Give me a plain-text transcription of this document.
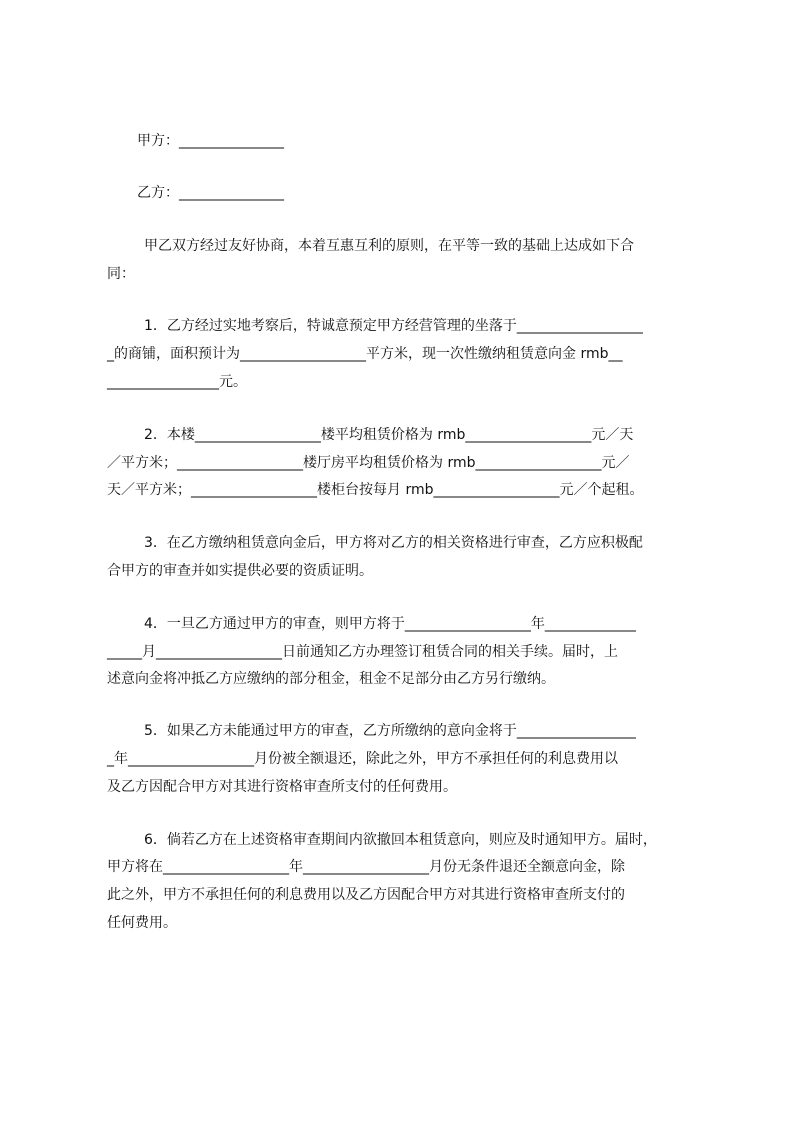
甲方：_______________
乙方：_______________
甲乙双方经过友好协商，本着互惠互利的原则，在平等一致的基础上达成如下合
同：
1．乙方经过实地考察后，特诚意预定甲方经营管理的坐落于__________________
_的商铺，面积预计为__________________平方米，现一次性缴纳租赁意向金 rmb__
________________元。
2．本楼__________________楼平均租赁价格为 rmb__________________元／天
／平方米；__________________楼厅房平均租赁价格为 rmb__________________元／
天／平方米；__________________楼柜台按每月 rmb__________________元／个起租。
3．在乙方缴纳租赁意向金后，甲方将对乙方的相关资格进行审查，乙方应积极配
合甲方的审查并如实提供必要的资质证明。
4．一旦乙方通过甲方的审查，则甲方将于__________________年_____________
_____月__________________日前通知乙方办理签订租赁合同的相关手续。届时，上
述意向金将冲抵乙方应缴纳的部分租金，租金不足部分由乙方另行缴纳。
5．如果乙方未能通过甲方的审查，乙方所缴纳的意向金将于_________________
_年__________________月份被全额退还，除此之外，甲方不承担任何的利息费用以
及乙方因配合甲方对其进行资格审查所支付的任何费用。
6．倘若乙方在上述资格审查期间内欲撤回本租赁意向，则应及时通知甲方。届时，
甲方将在__________________年__________________月份无条件退还全额意向金，除
此之外，甲方不承担任何的利息费用以及乙方因配合甲方对其进行资格审查所支付的
任何费用。
